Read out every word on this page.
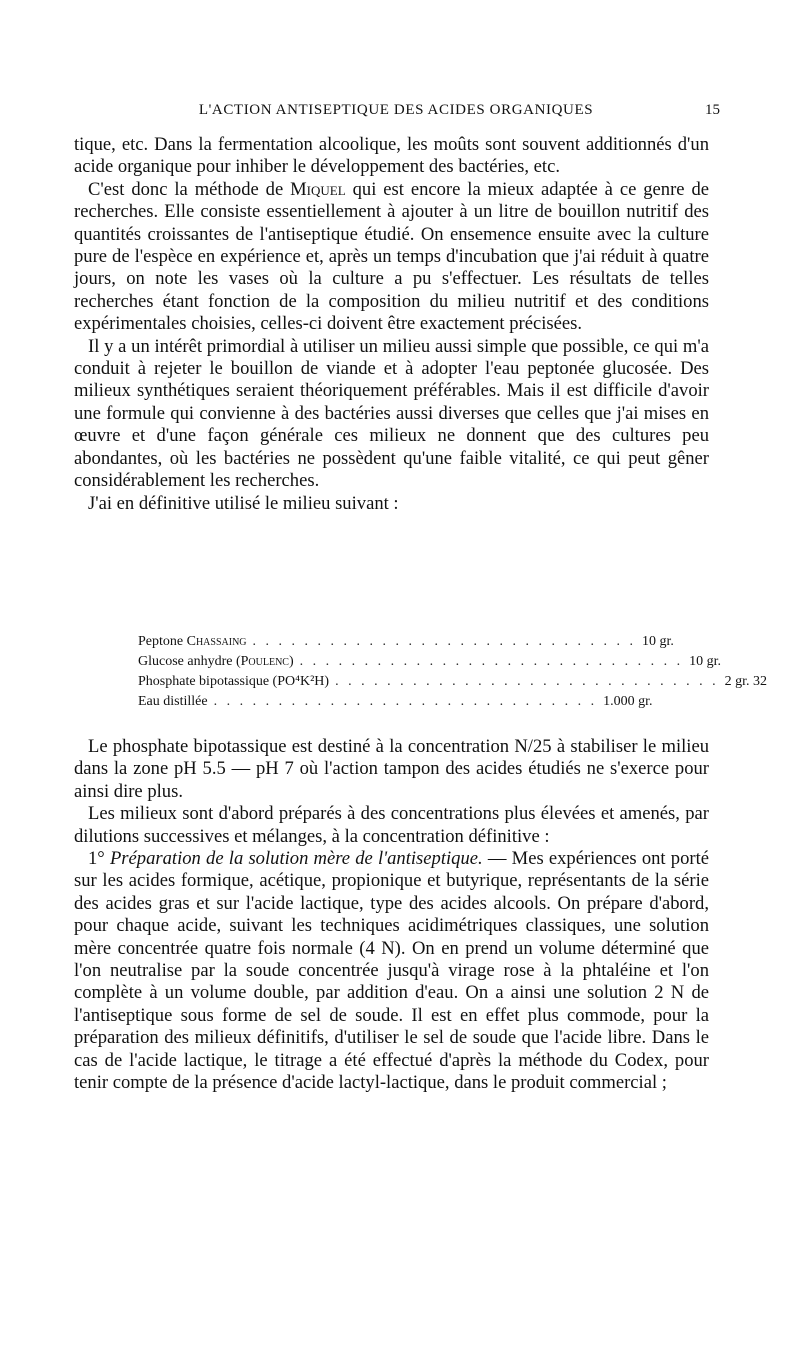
L'ACTION ANTISEPTIQUE DES ACIDES ORGANIQUES	15

tique, etc. Dans la fermentation alcoolique, les moûts sont souvent additionnés d'un acide organique pour inhiber le développement des bactéries, etc.

C'est donc la méthode de Miquel qui est encore la mieux adaptée à ce genre de recherches. Elle consiste essentiellement à ajouter à un litre de bouillon nutritif des quantités croissantes de l'antiseptique étudié. On ensemence ensuite avec la culture pure de l'espèce en expérience et, après un temps d'incubation que j'ai réduit à quatre jours, on note les vases où la culture a pu s'effectuer. Les résultats de telles recherches étant fonction de la composition du milieu nutritif et des conditions expérimentales choisies, celles-ci doivent être exactement précisées.

Il y a un intérêt primordial à utiliser un milieu aussi simple que possible, ce qui m'a conduit à rejeter le bouillon de viande et à adopter l'eau peptonée glucosée. Des milieux synthétiques seraient théoriquement préférables. Mais il est difficile d'avoir une formule qui convienne à des bactéries aussi diverses que celles que j'ai mises en œuvre et d'une façon générale ces milieux ne donnent que des cultures peu abondantes, où les bactéries ne possèdent qu'une faible vitalité, ce qui peut gêner considérablement les recherches.

J'ai en définitive utilisé le milieu suivant :

Peptone Chassaing . . . . . . . . . . . . . . . . . . . . . . . . . . . . . . 10 gr.
Glucose anhydre (Poulenc) . . . . . . . . . . . . . . . . . . . . . . . . . . . . . . 10 gr.
Phosphate bipotassique (PO⁴K²H) . . . . . . . . . . . . . . . . . . . . . . . . . . . . . . 2 gr. 32
Eau distillée . . . . . . . . . . . . . . . . . . . . . . . . . . . . . . 1.000 gr.

Le phosphate bipotassique est destiné à la concentration N/25 à stabiliser le milieu dans la zone pH 5.5 — pH 7 où l'action tampon des acides étudiés ne s'exerce pour ainsi dire plus.

Les milieux sont d'abord préparés à des concentrations plus élevées et amenés, par dilutions successives et mélanges, à la concentration définitive :

1° Préparation de la solution mère de l'antiseptique. — Mes expériences ont porté sur les acides formique, acétique, propionique et butyrique, représentants de la série des acides gras et sur l'acide lactique, type des acides alcools. On prépare d'abord, pour chaque acide, suivant les techniques acidimétriques classiques, une solution mère concentrée quatre fois normale (4 N). On en prend un volume déterminé que l'on neutralise par la soude concentrée jusqu'à virage rose à la phtaléine et l'on complète à un volume double, par addition d'eau. On a ainsi une solution 2 N de l'antiseptique sous forme de sel de soude. Il est en effet plus commode, pour la préparation des milieux définitifs, d'utiliser le sel de soude que l'acide libre. Dans le cas de l'acide lactique, le titrage a été effectué d'après la méthode du Codex, pour tenir compte de la présence d'acide lactyl-lactique, dans le produit commercial ;
